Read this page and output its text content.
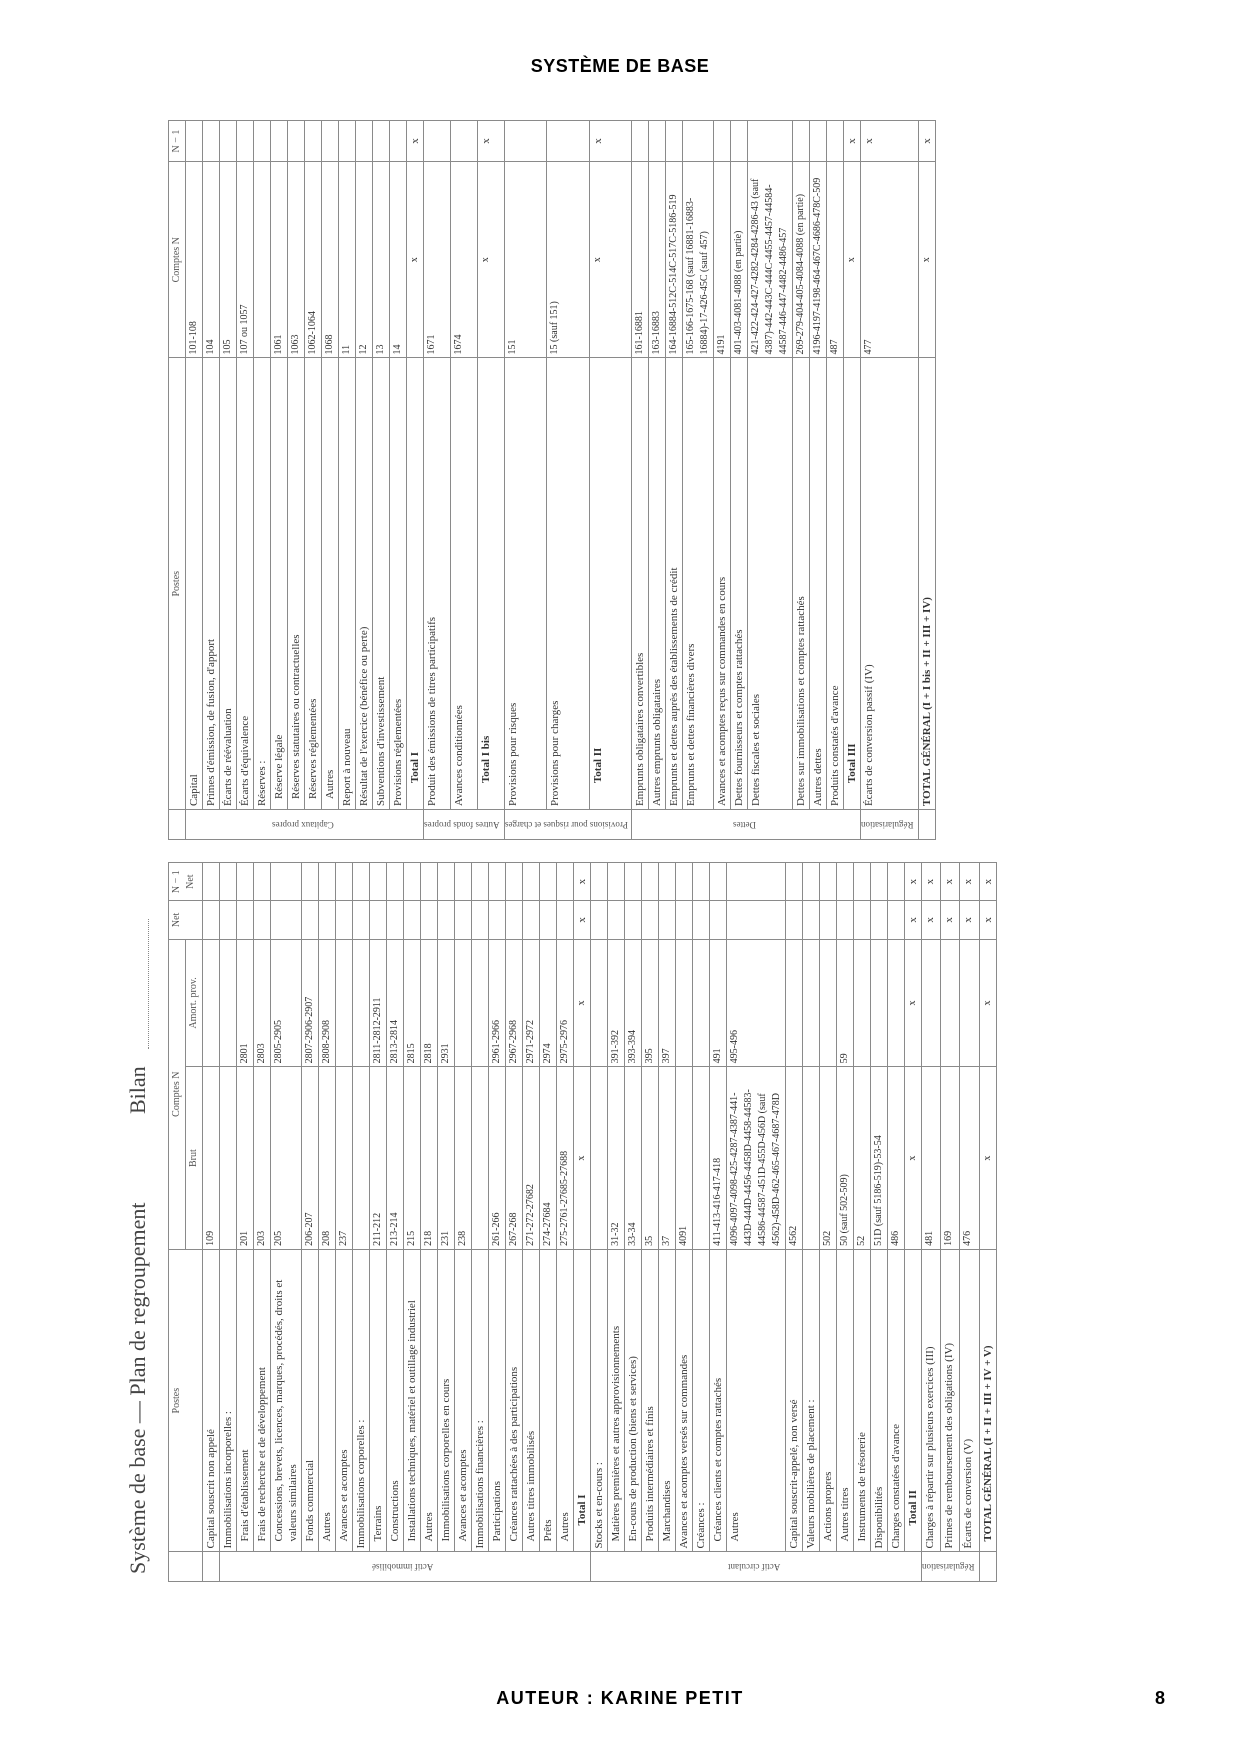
SYSTÈME DE BASE
Système de base — Plan de regroupement
Bilan
	Postes	Comptes N		Net	N − 1
Net
		Brut	Amort. prov.		
	Capital souscrit non appelé	109			
Actif immobilisé	Immobilisations incorporelles :				
	Frais d'établissement	201	2801		
	Frais de recherche et de développement	203	2803		
	Concessions, brevets, licences, marques, procédés, droits et valeurs similaires	205	2805-2905		
	Fonds commercial	206-207	2807-2906-2907		
	Autres	208	2808-2908		
	Avances et acomptes	237			
	Immobilisations corporelles :				
	Terrains	211-212	2811-2812-2911		
	Constructions	213-214	2813-2814		
	Installations techniques, matériel et outillage industriel	215	2815		
	Autres	218	2818		
	Immobilisations corporelles en cours	231	2931		
	Avances et acomptes	238			
	Immobilisations financières :				
	Participations	261-266	2961-2966		
	Créances rattachées à des participations	267-268	2967-2968		
	Autres titres immobilisés	271-272-27682	2971-2972		
	Prêts	274-27684	2974		
	Autres	275-2761-27685-27688	2975-2976		
	Total I	x	x	x	x
Actif circulant	Stocks et en-cours :				
	Matières premières et autres approvisionnements	31-32	391-392		
	En-cours de production (biens et services)	33-34	393-394		
	Produits intermédiaires et finis	35	395		
	Marchandises	37	397		
	Avances et acomptes versés sur commandes	4091			
	Créances :				
	Créances clients et comptes rattachés	411-413-416-417-418	491		
	Autres	4096-4097-4098-425-4287-4387-441-443D-444D-4456-4458D-4458-44583-44586-44587-451D-455D-456D (sauf 4562)-458D-462-465-467-4687-478D	495-496		
	Capital souscrit-appelé, non versé	4562			
	Valeurs mobilières de placement :				
	Actions propres	502			
	Autres titres	50 (sauf 502-509)	59		
	Instruments de trésorerie	52			
	Disponibilités	51D (sauf 5186-519)-53-54			
	Charges constatées d'avance	486			
	Total II	x	x	x	x
Régularisation	Charges à répartir sur plusieurs exercices (III)	481		x	x
	Primes de remboursement des obligations (IV)	169		x	x
	Écarts de conversion (V)	476		x	x
	TOTAL GÉNÉRAL (I + II + III + IV + V)	x	x	x	x
	Postes	Comptes N	N − 1
Capitaux propres	Capital	101-108	
	Primes d'émission, de fusion, d'apport	104	
	Écarts de réévaluation	105	
	Écarts d'équivalence	107 ou 1057	
	Réserves :		
	Réserve légale	1061	
	Réserves statutaires ou contractuelles	1063	
	Réserves réglementées	1062-1064	
	Autres	1068	
	Report à nouveau	11	
	Résultat de l'exercice (bénéfice ou perte)	12	
	Subventions d'investissement	13	
	Provisions réglementées	14	
	Total I	x	x
Autres fonds propres	Produit des émissions de titres participatifs	1671	
	Avances conditionnées	1674	
	Total I bis	x	x
Provisions pour risques et charges	Provisions pour risques	151	
	Provisions pour charges	15 (sauf 151)	
	Total II	x	x
Dettes	Emprunts obligataires convertibles	161-16881	
	Autres emprunts obligataires	163-16883	
	Emprunts et dettes auprès des établissements de crédit	164-16884-512C-514C-517C-5186-519	
	Emprunts et dettes financières divers	165-166-1675-168 (sauf 16881-16883-16884)-17-426-45C (sauf 457)	
	Avances et acomptes reçus sur commandes en cours	4191	
	Dettes fournisseurs et comptes rattachés	401-403-4081-4088 (en partie)	
	Dettes fiscales et sociales	421-422-424-427-4282-4284-4286-43 (sauf 4387)-442-443C-444C-4455-4457-44584-44587-446-447-4482-4486-457	
	Dettes sur immobilisations et comptes rattachés	269-279-404-405-4084-4088 (en partie)	
	Autres dettes	4196-4197-4198-464-467C-4686-478C-509	
	Produits constatés d'avance	487	
	Total III	x	x
Régularisation	Écarts de conversion passif (IV)	477	x
	TOTAL GÉNÉRAL (I + I bis + II + III + IV)	x	x
AUTEUR : KARINE PETIT	8
